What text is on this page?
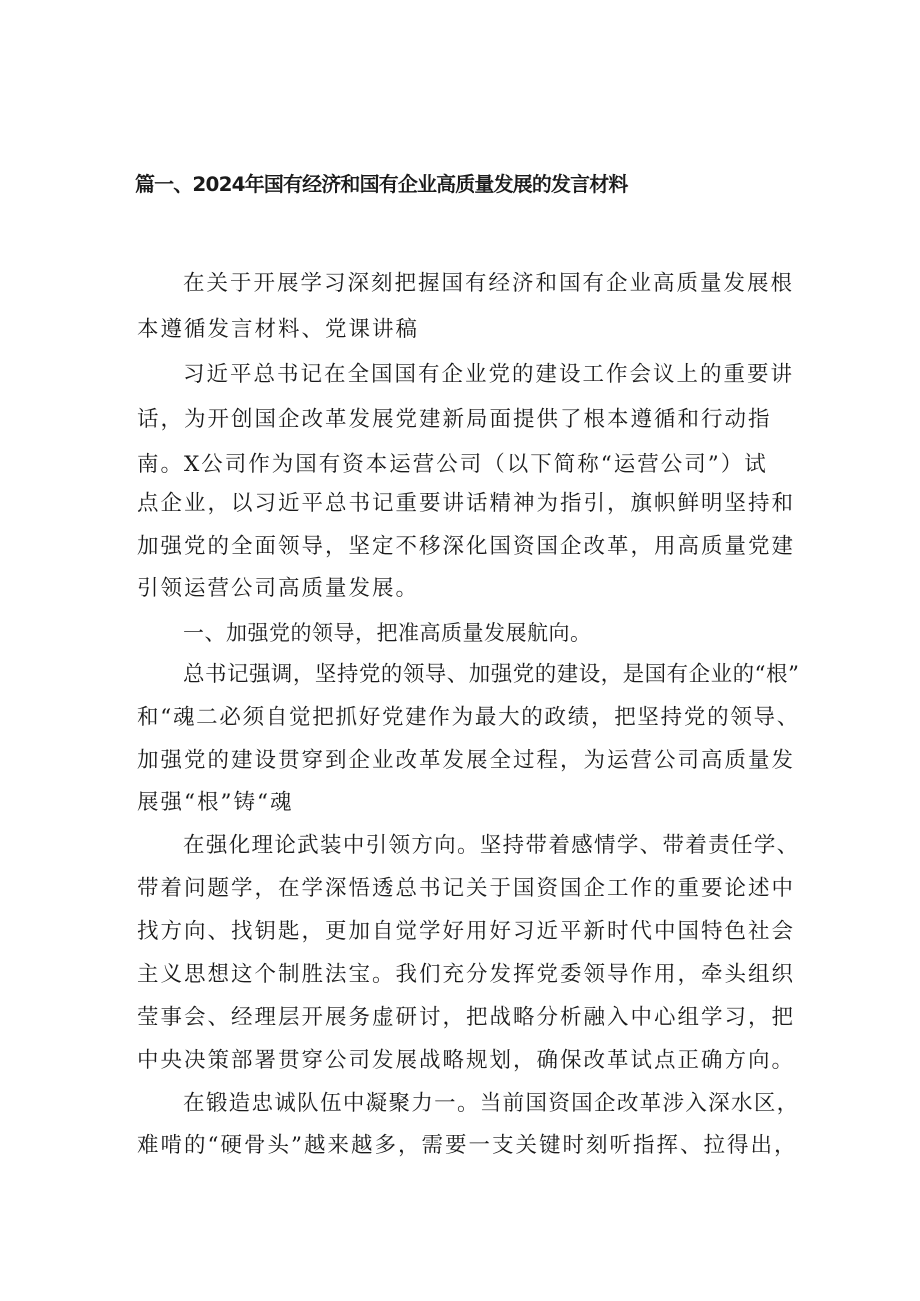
篇一、2024年国有经济和国有企业高质量发展的发言材料
在关于开展学习深刻把握国有经济和国有企业高质量发展根
本遵循发言材料、党课讲稿
习近平总书记在全国国有企业党的建设工作会议上的重要讲
话，为开创国企改革发展党建新局面提供了根本遵循和行动指
南。X公司作为国有资本运营公司（以下简称“运营公司”）试
点企业，以习近平总书记重要讲话精神为指引，旗帜鲜明坚持和
加强党的全面领导，坚定不移深化国资国企改革，用高质量党建
引领运营公司高质量发展。
一、加强党的领导，把准高质量发展航向。
总书记强调，坚持党的领导、加强党的建设，是国有企业的“根”
和“魂二必须自觉把抓好党建作为最大的政绩，把坚持党的领导、
加强党的建设贯穿到企业改革发展全过程，为运营公司高质量发
展强“根”铸“魂
在强化理论武装中引领方向。坚持带着感情学、带着责任学、
带着问题学，在学深悟透总书记关于国资国企工作的重要论述中
找方向、找钥匙，更加自觉学好用好习近平新时代中国特色社会
主义思想这个制胜法宝。我们充分发挥党委领导作用，牵头组织
莹事会、经理层开展务虚研讨，把战略分析融入中心组学习，把
中央决策部署贯穿公司发展战略规划，确保改革试点正确方向。
在锻造忠诚队伍中凝聚力一。当前国资国企改革涉入深水区，
难啃的“硬骨头”越来越多，需要一支关键时刻听指挥、拉得出，
